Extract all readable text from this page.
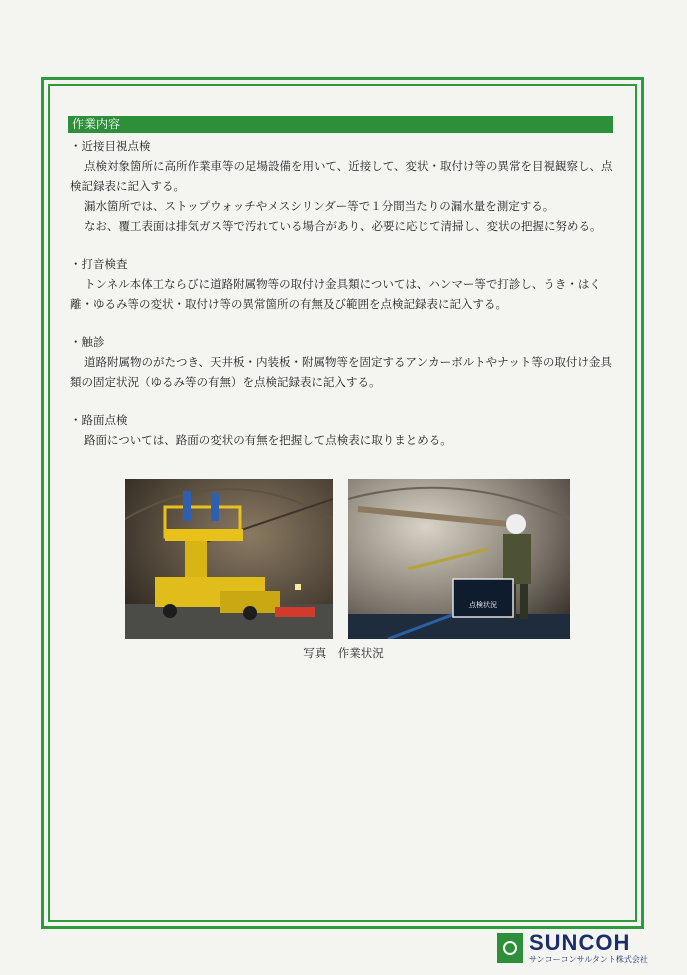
作業内容
・近接目視点検
点検対象箇所に高所作業車等の足場設備を用いて、近接して、変状・取付け等の異常を目視観察し、点検記録表に記入する。
漏水箇所では、ストップウォッチやメスシリンダー等で１分間当たりの漏水量を測定する。
なお、覆工表面は排気ガス等で汚れている場合があり、必要に応じて清掃し、変状の把握に努める。
・打音検査
トンネル本体工ならびに道路附属物等の取付け金具類については、ハンマー等で打診し、うき・はく離・ゆるみ等の変状・取付け等の異常箇所の有無及び範囲を点検記録表に記入する。
・触診
道路附属物のがたつき、天井板・内装板・附属物等を固定するアンカーボルトやナット等の取付け金具類の固定状況（ゆるみ等の有無）を点検記録表に記入する。
・路面点検
路面については、路面の変状の有無を把握して点検表に取りまとめる。
点検状況
写真　作業状況
SUNCOH
サンコーコンサルタント株式会社
